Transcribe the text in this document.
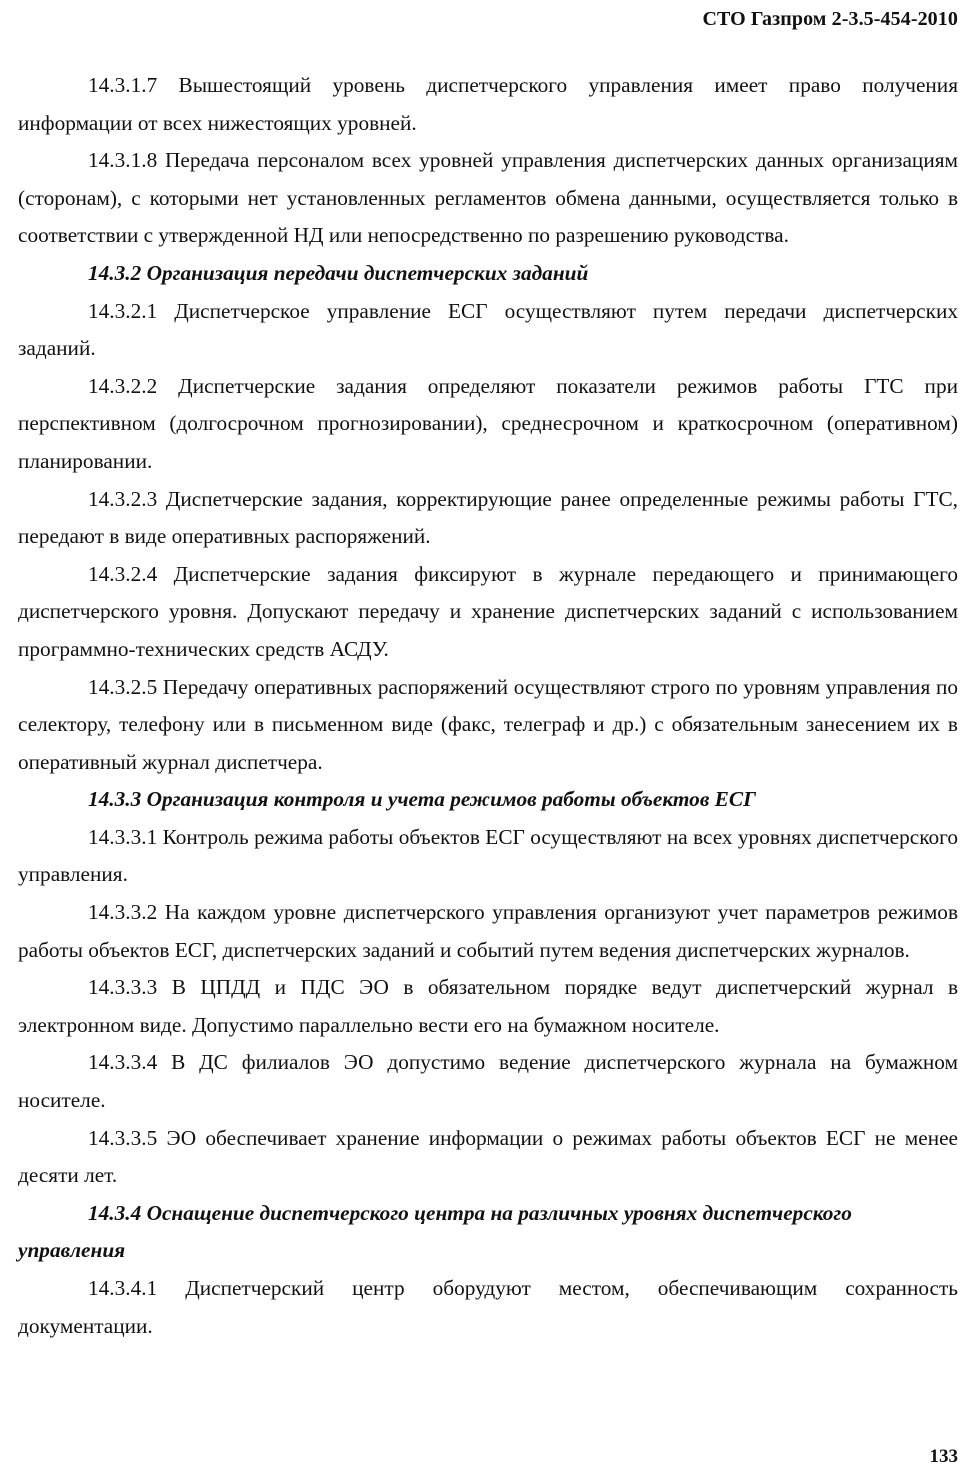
СТО Газпром 2-3.5-454-2010

14.3.1.7 Вышестоящий уровень диспетчерского управления имеет право получения информации от всех нижестоящих уровней.

14.3.1.8 Передача персоналом всех уровней управления диспетчерских данных организациям (сторонам), с которыми нет установленных регламентов обмена данными, осуществляется только в соответствии с утвержденной НД или непосредственно по разрешению руководства.

14.3.2 Организация передачи диспетчерских заданий

14.3.2.1 Диспетчерское управление ЕСГ осуществляют путем передачи диспетчерских заданий.

14.3.2.2 Диспетчерские задания определяют показатели режимов работы ГТС при перспективном (долгосрочном прогнозировании), среднесрочном и краткосрочном (оперативном) планировании.

14.3.2.3 Диспетчерские задания, корректирующие ранее определенные режимы работы ГТС, передают в виде оперативных распоряжений.

14.3.2.4 Диспетчерские задания фиксируют в журнале передающего и принимающего диспетчерского уровня. Допускают передачу и хранение диспетчерских заданий с использованием программно-технических средств АСДУ.

14.3.2.5 Передачу оперативных распоряжений осуществляют строго по уровням управления по селектору, телефону или в письменном виде (факс, телеграф и др.) с обязательным занесением их в оперативный журнал диспетчера.

14.3.3 Организация контроля и учета режимов работы объектов ЕСГ

14.3.3.1 Контроль режима работы объектов ЕСГ осуществляют на всех уровнях диспетчерского управления.

14.3.3.2 На каждом уровне диспетчерского управления организуют учет параметров режимов работы объектов ЕСГ, диспетчерских заданий и событий путем ведения диспетчерских журналов.

14.3.3.3 В ЦПДД и ПДС ЭО в обязательном порядке ведут диспетчерский журнал в электронном виде. Допустимо параллельно вести его на бумажном носителе.

14.3.3.4 В ДС филиалов ЭО допустимо ведение диспетчерского журнала на бумажном носителе.

14.3.3.5 ЭО обеспечивает хранение информации о режимах работы объектов ЕСГ не менее десяти лет.

14.3.4 Оснащение диспетчерского центра на различных уровнях диспетчерского управления

14.3.4.1 Диспетчерский центр оборудуют местом, обеспечивающим сохранность документации.

133
